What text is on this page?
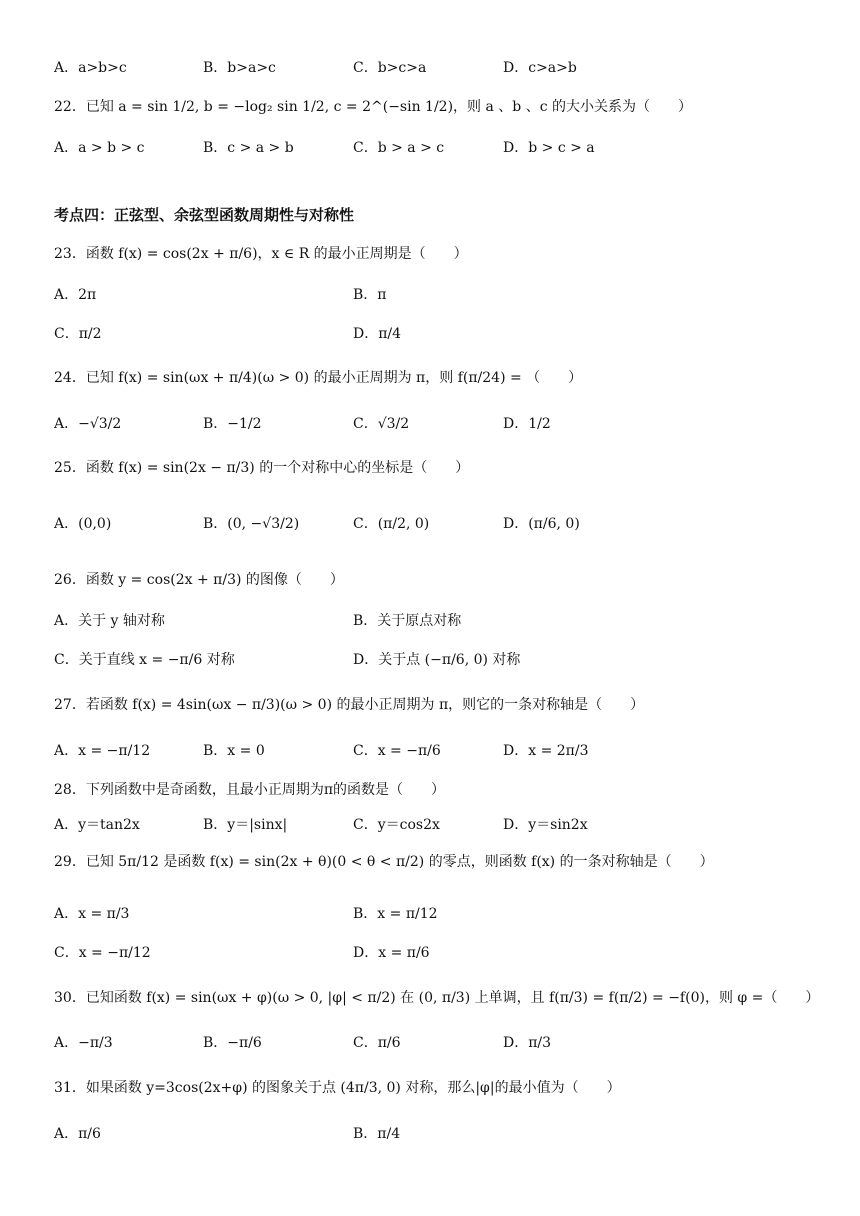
考点四：正弦型、余弦型函数周期性与对称性
A．a>b>c	B．b>a>c	C．b>c>a	D．c>a>b
22．已知 a = sin 1/2, b = −log₂ sin 1/2, c = 2^(−sin 1/2)，则 a 、b 、c 的大小关系为（　　）
A．a > b > c	B．c > a > b	C．b > a > c	D．b > c > a
23．函数 f(x) = cos(2x + π/6)，x ∈ R 的最小正周期是（　　）
A．2π	B．π
C．π/2	D．π/4
24．已知 f(x) = sin(ωx + π/4)(ω > 0) 的最小正周期为 π，则 f(π/24) = （　　）
A．−√3/2	B．−1/2	C．√3/2	D．1/2
25．函数 f(x) = sin(2x − π/3) 的一个对称中心的坐标是（　　）
A．(0,0)	B．(0, −√3/2)	C．(π/2, 0)	D．(π/6, 0)
26．函数 y = cos(2x + π/3) 的图像（　　）
A．关于 y 轴对称	B．关于原点对称
C．关于直线 x = −π/6 对称	D．关于点 (−π/6, 0) 对称
27．若函数 f(x) = 4sin(ωx − π/3)(ω > 0) 的最小正周期为 π，则它的一条对称轴是（　　）
A．x = −π/12	B．x = 0	C．x = −π/6	D．x = 2π/3
28．下列函数中是奇函数，且最小正周期为π的函数是（　　）
A．y＝tan2x	B．y＝|sinx|	C．y＝cos2x	D．y＝sin2x
29．已知 5π/12 是函数 f(x) = sin(2x + θ)(0 < θ < π/2) 的零点，则函数 f(x) 的一条对称轴是（　　）
A．x = π/3	B．x = π/12
C．x = −π/12	D．x = π/6
30．已知函数 f(x) = sin(ωx + φ)(ω > 0, |φ| < π/2) 在 (0, π/3) 上单调，且 f(π/3) = f(π/2) = −f(0)，则 φ =（　　）
A．−π/3	B．−π/6	C．π/6	D．π/3
31．如果函数 y=3cos(2x+φ) 的图象关于点 (4π/3, 0) 对称，那么|φ|的最小值为（　　）
A．π/6	B．π/4
